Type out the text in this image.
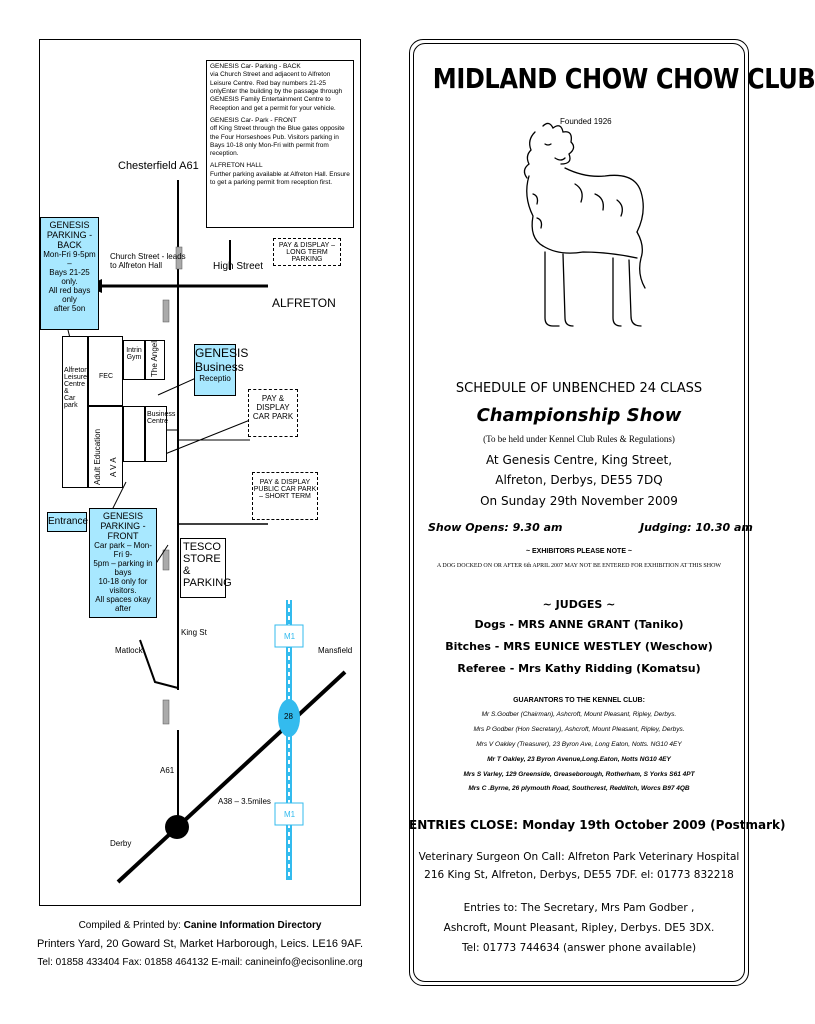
GENESIS Car- Parking - BACK
via Church Street and adjacent to Alfreton Leisure Centre. Red bay numbers 21-25 onlyEnter the building by the passage through GENESIS Family Entertainment Centre to Reception and get a permit for your vehicle.

GENESIS Car- Park - FRONT
off King Street through the Blue gates opposite the Four Horseshoes Pub. Visitors parking in Bays 10-18 only Mon-Fri with permit from reception.

ALFRETON HALL
Further parking available at Alfreton Hall. Ensure to get a parking permit from reception first.

Chesterfield A61
GENESIS
PARKING -
BACK
Mon-Fri 9-5pm –
Bays 21-25 only.
All red bays only
after 5on
Church Street - leads
to Alfreton Hall	High Street
PAY & DISPLAY –
LONG TERM PARKING
ALFRETON
Alfreton
Leisure
Centre &
Car park
FEC
Intrin
Gym	The Angel
Adult Education A V A
Business
Centre
GENESIS
Business
Receptio
PAY &
DISPLAY
CAR PARK
PAY & DISPLAY
PUBLIC CAR PARK
– SHORT TERM
Entrance	GENESIS
PARKING -
FRONT
Car park – Mon-Fri 9-
5pm – parking in bays
10-18 only for visitors.
All spaces okay after
TESCO
STORE &
PARKING
King St
Matlock	Mansfield
M1
M1
28
A61
A38 – 3.5miles
Derby
Compiled & Printed by: Canine Information Directory
Printers Yard, 20 Goward St, Market Harborough, Leics. LE16 9AF.
Tel: 01858 433404 Fax: 01858 464132 E-mail: canineinfo@ecisonline.org
MIDLAND CHOW CHOW CLUB
Founded 1926
SCHEDULE OF UNBENCHED 24 CLASS
Championship Show
(To be held under Kennel Club Rules & Regulations)
At Genesis Centre, King Street,
Alfreton, Derbys, DE55 7DQ
On Sunday 29th November 2009
Show Opens: 9.30 am	Judging: 10.30 am
~ EXHIBITORS PLEASE NOTE ~
A DOG DOCKED ON OR AFTER 6th APRIL 2007 MAY NOT BE ENTERED FOR EXHIBITION AT THIS SHOW
~ JUDGES ~
Dogs - MRS ANNE GRANT (Taniko)
Bitches - MRS EUNICE WESTLEY (Weschow)
Referee - Mrs Kathy Ridding (Komatsu)
GUARANTORS TO THE KENNEL CLUB:
Mr S.Godber (Chairman), Ashcroft, Mount Pleasant, Ripley, Derbys.
Mrs P Godber (Hon Secretary), Ashcroft, Mount Pleasant, Ripley, Derbys.
Mrs V Oakley (Treasurer), 23 Byron Ave, Long Eaton, Notts. NG10 4EY
Mr T Oakley, 23 Byron Avenue,Long.Eaton, Notts NG10 4EY
Mrs S Varley, 129 Greenside, Greaseborough, Rotherham, S Yorks S61 4PT
Mrs C .Byrne, 26 plymouth Road, Southcrest, Redditch, Worcs B97 4QB
ENTRIES CLOSE: Monday 19th October 2009 (Postmark)
Veterinary Surgeon On Call: Alfreton Park Veterinary Hospital
216 King St, Alfreton, Derbys, DE55 7DF. el: 01773 832218
Entries to: The Secretary, Mrs Pam Godber ,
Ashcroft, Mount Pleasant, Ripley, Derbys. DE5 3DX.
Tel: 01773 744634 (answer phone available)
